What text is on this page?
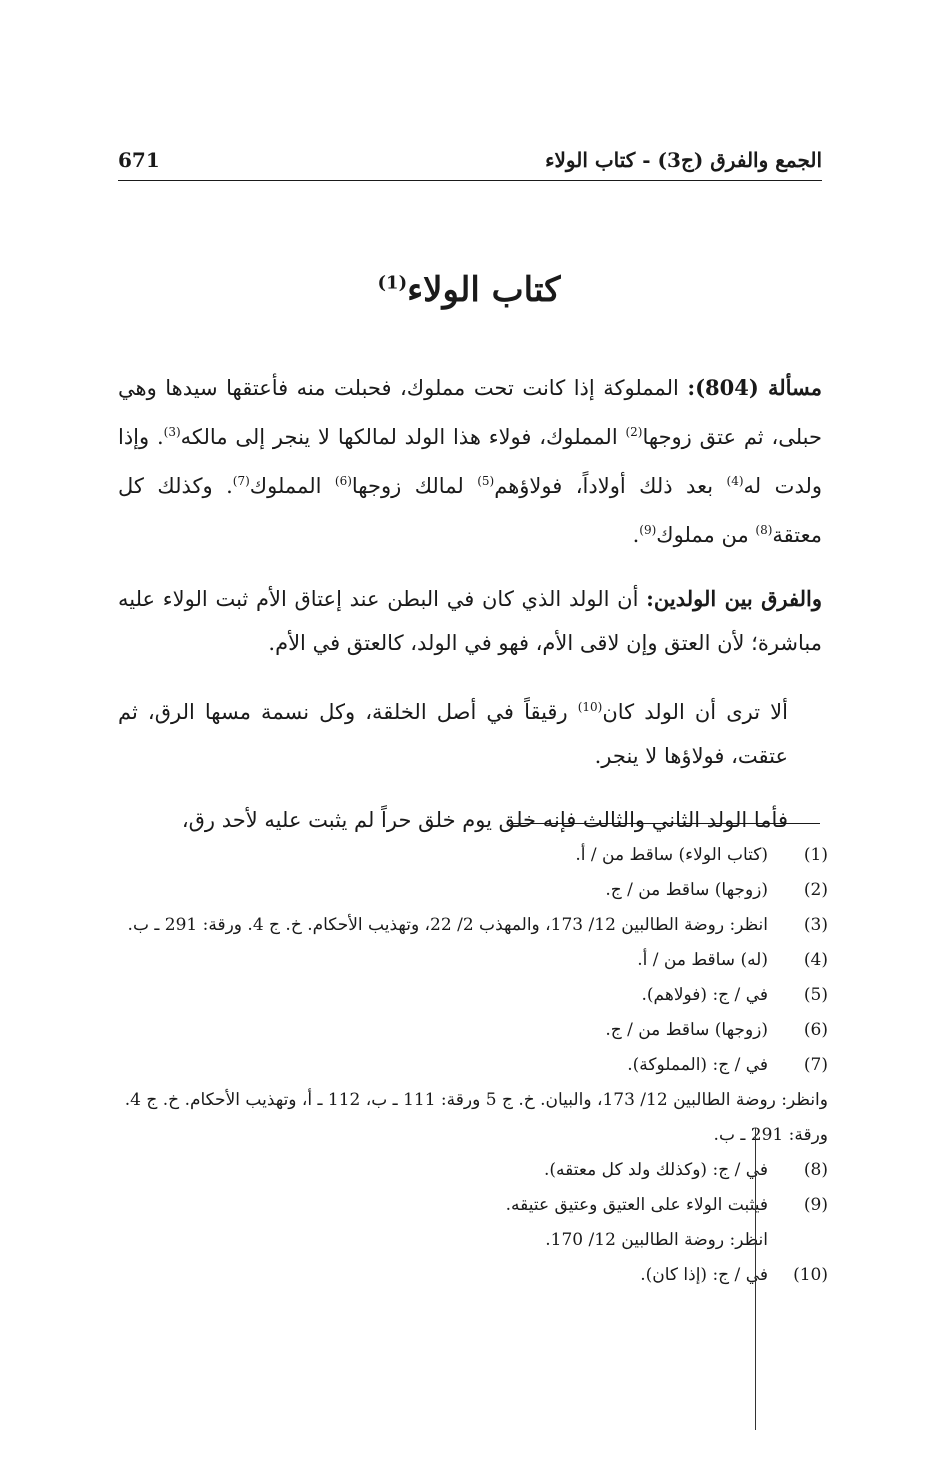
الجمع والفرق (ج3) - كتاب الولاء
671
كتاب الولاء$^{(1)}$

مسألة (804): المملوكة إذا كانت تحت مملوك، فحبلت منه فأعتقها سيدها وهي حبلى، ثم عتق زوجها$^{(2)}$ المملوك، فولاء هذا الولد لمالكها لا ينجر إلى مالكه$^{(3)}$. وإذا ولدت له$^{(4)}$ بعد ذلك أولاداً، فولاؤهم$^{(5)}$ لمالك زوجها$^{(6)}$ المملوك$^{(7)}$. وكذلك كل معتقة$^{(8)}$ من مملوك$^{(9)}$.

والفرق بين الولدين: أن الولد الذي كان في البطن عند إعتاق الأم ثبت الولاء عليه مباشرة؛ لأن العتق وإن لاقى الأم، فهو في الولد، كالعتق في الأم.

ألا ترى أن الولد كان$^{(10)}$ رقيقاً في أصل الخلقة، وكل نسمة مسها الرق، ثم عتقت، فولاؤها لا ينجر.

فأما الولد الثاني والثالث فإنه خلق يوم خلق حراً لم يثبت عليه لأحد رق،

(1)
(كتاب الولاء) ساقط من / أ.
(2)
(زوجها) ساقط من / ج.
(3)
انظر: روضة الطالبين 12/ 173، والمهذب 2/ 22، وتهذيب الأحكام. خ. ج 4. ورقة: 291 ـ ب.
(4)
(له) ساقط من / أ.
(5)
في / ج: (فولاهم).
(6)
(زوجها) ساقط من / ج.
(7)
في / ج: (المملوكة).
وانظر: روضة الطالبين 12/ 173، والبيان. خ. ج 5 ورقة: 111 ـ ب، 112 ـ أ، وتهذيب الأحكام. خ. ج 4. ورقة: 291 ـ ب.
(8)
في / ج: (وكذلك ولد كل معتقه).
(9)
فيثبت الولاء على العتيق وعتيق عتيقه.
انظر: روضة الطالبين 12/ 170.
(10)
في / ج: (إذا كان).
